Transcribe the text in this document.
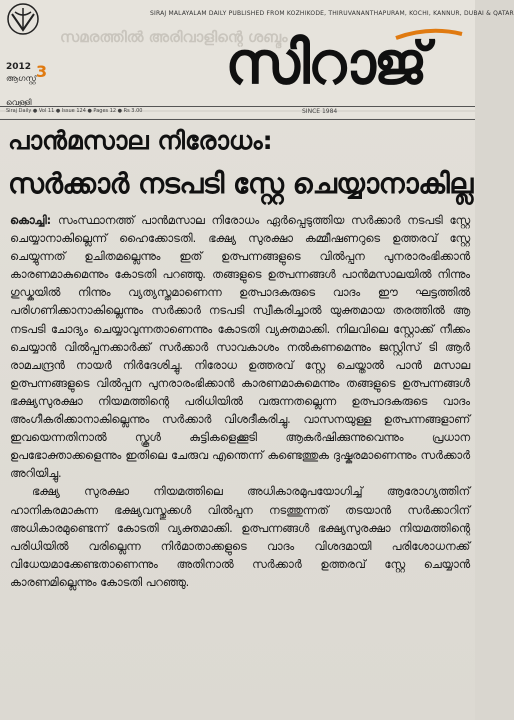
SIRAJ MALAYALAM DAILY PUBLISHED FROM KOZHIKODE, THIRUVANANTHAPURAM, KOCHI, KANNUR, DUBAI & QATAR
സമരത്തിൽ അരിവാളിന്റെ ശബ്ദം
2012
ആഗസ്റ്റ് 3
വെള്ളി
സിറാജ്
Siraj Daily ● Vol 11 ● Issue 124 ● Pages 12 ● Rs 3.00	SINCE 1984
പാൻമസാല നിരോധം:
സർക്കാർ നടപടി സ്റ്റേ ചെയ്യാനാകില്ല

കൊച്ചി: സംസ്ഥാനത്ത് പാൻമസാല നിരോധം ഏർപ്പെടുത്തിയ സർക്കാർ നടപടി സ്റ്റേ ചെയ്യാനാകില്ലെന്ന് ഹൈക്കോടതി. ഭക്ഷ്യ സുരക്ഷാ കമ്മീഷണറുടെ ഉത്തരവ് സ്റ്റേ ചെയ്യുന്നത് ഉചിതമല്ലെന്നും ഇത് ഉത്പന്നങ്ങളുടെ വിൽപ്പന പുനരാരംഭിക്കാൻ കാരണമാകുമെന്നും കോടതി പറഞ്ഞു. തങ്ങളുടെ ഉത്പന്നങ്ങൾ പാൻമസാലയിൽ നിന്നും ഗുഡ്കയിൽ നിന്നും വ്യത്യസ്തമാണെന്ന ഉത്പാദകരുടെ വാദം ഈ ഘട്ടത്തിൽ പരിഗണിക്കാനാകില്ലെന്നും സർക്കാർ നടപടി സ്വീകരിച്ചാൽ യുക്തമായ തരത്തിൽ ആ നടപടി ചോദ്യം ചെയ്യാവുന്നതാണെന്നും കോടതി വ്യക്തമാക്കി. നിലവിലെ സ്റ്റോക്ക് നീക്കം ചെയ്യാൻ വിൽപ്പനക്കാർക്ക് സർക്കാർ സാവകാശം നൽകണമെന്നും ജസ്റ്റിസ് ടി ആർ രാമചന്ദ്രൻ നായർ നിർദേശിച്ചു. നിരോധ ഉത്തരവ് സ്റ്റേ ചെയ്താൽ പാൻ മസാല ഉത്പന്നങ്ങളുടെ വിൽപ്പന പുനരാരംഭിക്കാൻ കാരണമാകുമെന്നും തങ്ങളുടെ ഉത്പന്നങ്ങൾ ഭക്ഷ്യസുരക്ഷാ നിയമത്തിന്റെ പരിധിയിൽ വരുന്നതല്ലെന്ന ഉത്പാദകരുടെ വാദം അംഗീകരിക്കാനാകില്ലെന്നും സർക്കാർ വിശദീകരിച്ചു. വാസനയുള്ള ഉത്പന്നങ്ങളാണ് ഇവയെന്നതിനാൽ സ്കൂൾ കുട്ടികളെക്കൂടി ആകർഷിക്കുന്നുവെന്നും പ്രധാന ഉപഭോക്താക്കളെന്നും ഇതിലെ ചേരുവ എന്തെന്ന് കണ്ടെത്തുക ദുഷ്കരമാണെന്നും സർക്കാർ അറിയിച്ചു.

ഭക്ഷ്യ സുരക്ഷാ നിയമത്തിലെ അധികാരമുപയോഗിച്ച് ആരോഗ്യത്തിന് ഹാനികരമാകുന്ന ഭക്ഷ്യവസ്തുക്കൾ വിൽപ്പന നടത്തുന്നത് തടയാൻ സർക്കാറിന് അധികാരമുണ്ടെന്ന് കോടതി വ്യക്തമാക്കി. ഉത്പന്നങ്ങൾ ഭക്ഷ്യസുരക്ഷാ നിയമത്തിന്റെ പരിധിയിൽ വരില്ലെന്ന നിർമാതാക്കളുടെ വാദം വിശദമായി പരിശോധനക്ക് വിധേയമാക്കേണ്ടതാണെന്നും അതിനാൽ സർക്കാർ ഉത്തരവ് സ്റ്റേ ചെയ്യാൻ കാരണമില്ലെന്നും കോടതി പറഞ്ഞു.
